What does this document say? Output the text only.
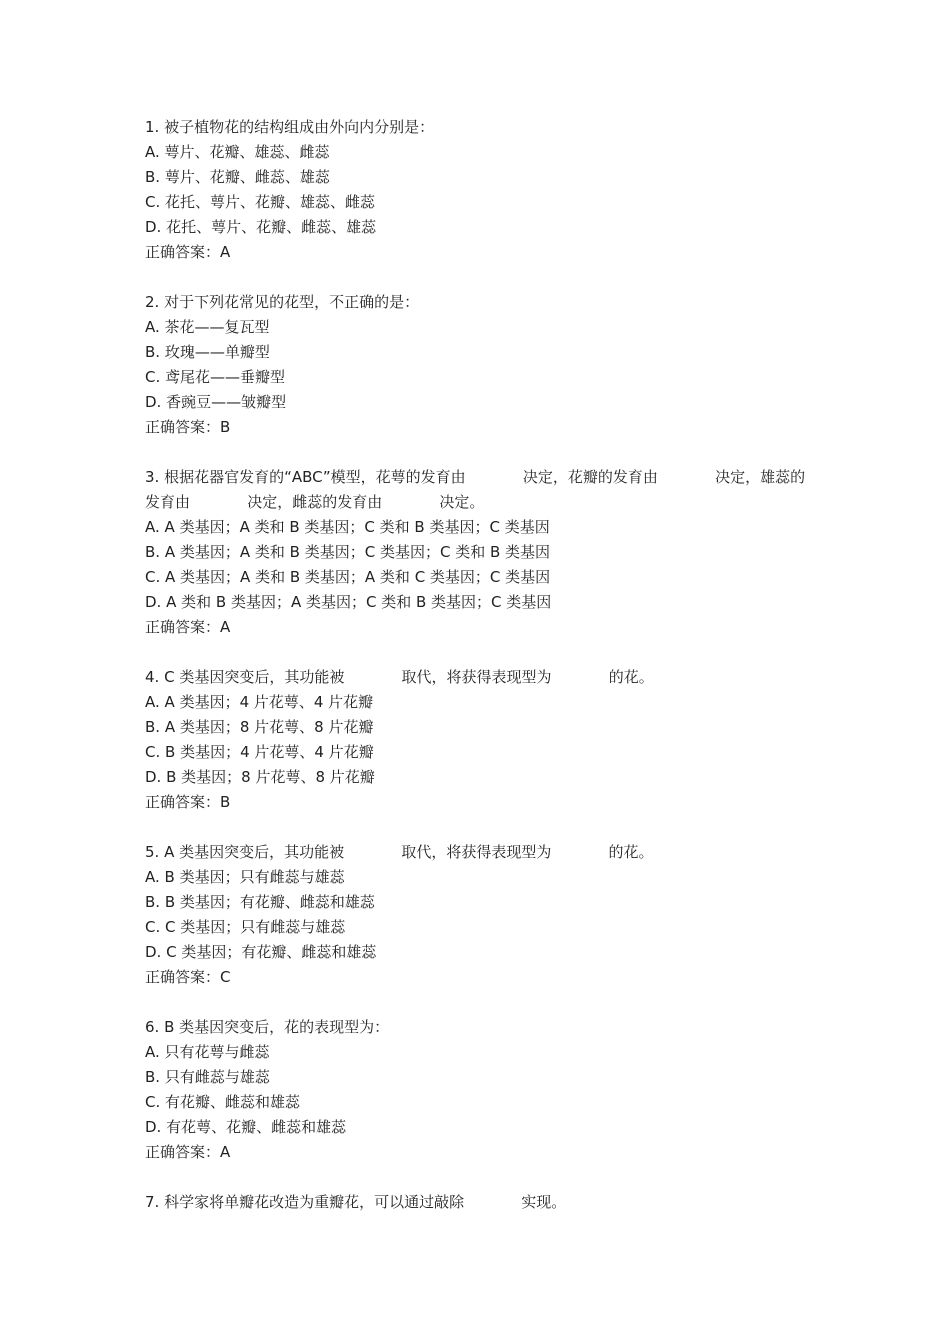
1. 被子植物花的结构组成由外向内分别是：
A. 萼片、花瓣、雄蕊、雌蕊
B. 萼片、花瓣、雌蕊、雄蕊
C. 花托、萼片、花瓣、雄蕊、雌蕊
D. 花托、萼片、花瓣、雌蕊、雄蕊
正确答案：A
2. 对于下列花常见的花型，不正确的是：
A. 茶花——复瓦型
B. 玫瑰——单瓣型
C. 鸢尾花——垂瓣型
D. 香豌豆——皱瓣型
正确答案：B
3. 根据花器官发育的“ABC”模型，花萼的发育由            决定，花瓣的发育由            决定，雄蕊的发育由            决定，雌蕊的发育由            决定。
A. A 类基因；A 类和 B 类基因；C 类和 B 类基因；C 类基因
B. A 类基因；A 类和 B 类基因；C 类基因；C 类和 B 类基因
C. A 类基因；A 类和 B 类基因；A 类和 C 类基因；C 类基因
D. A 类和 B 类基因；A 类基因；C 类和 B 类基因；C 类基因
正确答案：A
4. C 类基因突变后，其功能被            取代，将获得表现型为            的花。
A. A 类基因；4 片花萼、4 片花瓣
B. A 类基因；8 片花萼、8 片花瓣
C. B 类基因；4 片花萼、4 片花瓣
D. B 类基因；8 片花萼、8 片花瓣
正确答案：B
5. A 类基因突变后，其功能被            取代，将获得表现型为            的花。
A. B 类基因；只有雌蕊与雄蕊
B. B 类基因；有花瓣、雌蕊和雄蕊
C. C 类基因；只有雌蕊与雄蕊
D. C 类基因；有花瓣、雌蕊和雄蕊
正确答案：C
6. B 类基因突变后，花的表现型为：
A. 只有花萼与雌蕊
B. 只有雌蕊与雄蕊
C. 有花瓣、雌蕊和雄蕊
D. 有花萼、花瓣、雌蕊和雄蕊
正确答案：A
7. 科学家将单瓣花改造为重瓣花，可以通过敲除            实现。
